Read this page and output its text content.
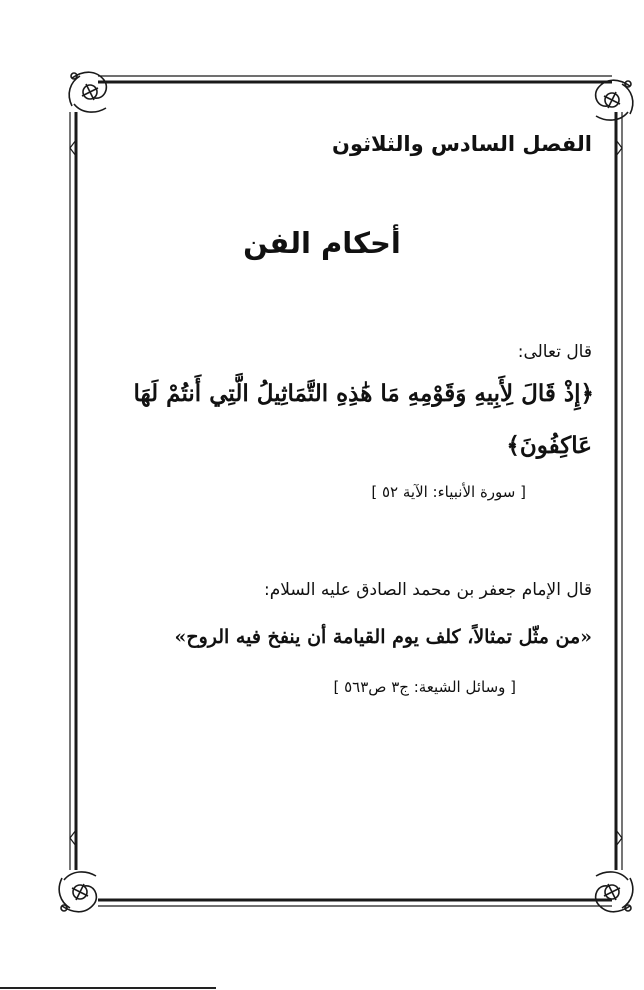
الفصل السادس والثلاثون
أحكام الفن
قال تعالى:
﴿إِذْ قَالَ لِأَبِيهِ وَقَوْمِهِ مَا هَٰذِهِ التَّمَاثِيلُ الَّتِي أَنتُمْ لَهَا
عَاكِفُونَ﴾
[ سورة الأنبياء: الآية ٥٢ ]
قال الإمام جعفر بن محمد الصادق عليه السلام:
«من مثّل تمثالاً، كلف يوم القيامة أن ينفخ فيه الروح»
[ وسائل الشيعة: ج٣ ص٥٦٣ ]
